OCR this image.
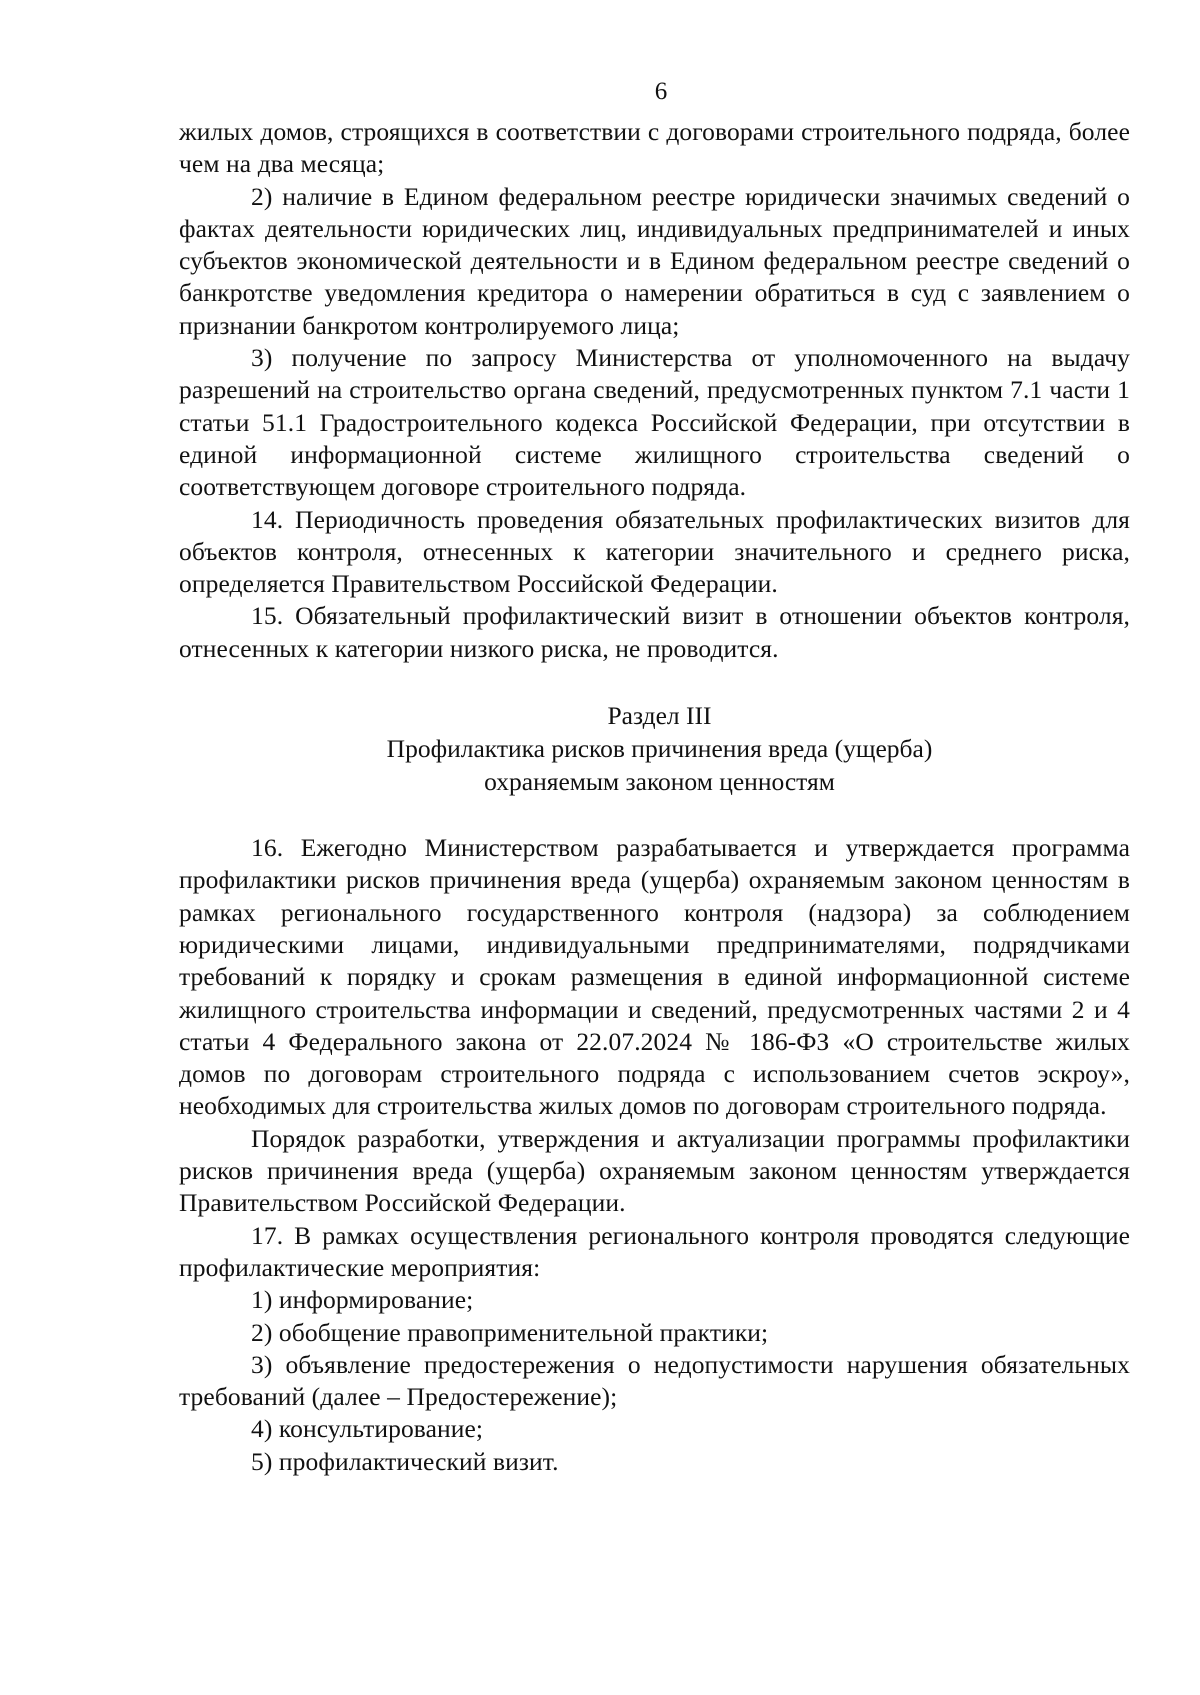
6

жилых домов, строящихся в соответствии с договорами строительного подряда, более чем на два месяца;

2) наличие в Едином федеральном реестре юридически значимых сведений о фактах деятельности юридических лиц, индивидуальных предпринимателей и иных субъектов экономической деятельности и в Едином федеральном реестре сведений о банкротстве уведомления кредитора о намерении обратиться в суд с заявлением о признании банкротом контролируемого лица;

3) получение по запросу Министерства от уполномоченного на выдачу разрешений на строительство органа сведений, предусмотренных пунктом 7.1 части 1 статьи 51.1 Градостроительного кодекса Российской Федерации, при отсутствии в единой информационной системе жилищного строительства сведений о соответствующем договоре строительного подряда.

14. Периодичность проведения обязательных профилактических визитов для объектов контроля, отнесенных к категории значительного и среднего риска, определяется Правительством Российской Федерации.

15. Обязательный профилактический визит в отношении объектов контроля, отнесенных к категории низкого риска, не проводится.

Раздел III
Профилактика рисков причинения вреда (ущерба)
охраняемым законом ценностям

16. Ежегодно Министерством разрабатывается и утверждается программа профилактики рисков причинения вреда (ущерба) охраняемым законом ценностям в рамках регионального государственного контроля (надзора) за соблюдением юридическими лицами, индивидуальными предпринимателями, подрядчиками требований к порядку и срокам размещения в единой информационной системе жилищного строительства информации и сведений, предусмотренных частями 2 и 4 статьи 4 Федерального закона от 22.07.2024 № 186-ФЗ «О строительстве жилых домов по договорам строительного подряда с использованием счетов эскроу», необходимых для строительства жилых домов по договорам строительного подряда.

Порядок разработки, утверждения и актуализации программы профилактики рисков причинения вреда (ущерба) охраняемым законом ценностям утверждается Правительством Российской Федерации.

17. В рамках осуществления регионального контроля проводятся следующие профилактические мероприятия:

1) информирование;

2) обобщение правоприменительной практики;

3) объявление предостережения о недопустимости нарушения обязательных требований (далее – Предостережение);

4) консультирование;

5) профилактический визит.
